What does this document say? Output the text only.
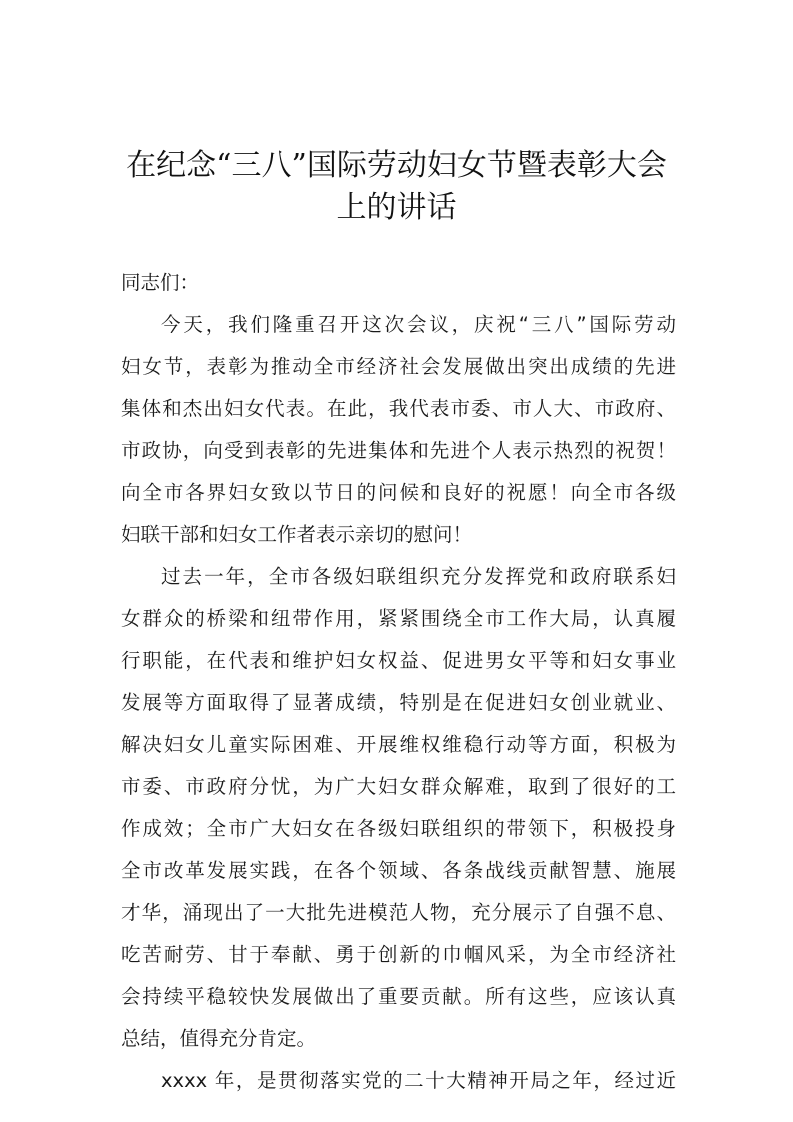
在纪念“三八”国际劳动妇女节暨表彰大会
上的讲话
同志们：
今天，我们隆重召开这次会议，庆祝“三八”国际劳动
妇女节，表彰为推动全市经济社会发展做出突出成绩的先进
集体和杰出妇女代表。在此，我代表市委、市人大、市政府、
市政协，向受到表彰的先进集体和先进个人表示热烈的祝贺！
向全市各界妇女致以节日的问候和良好的祝愿！向全市各级
妇联干部和妇女工作者表示亲切的慰问！
过去一年，全市各级妇联组织充分发挥党和政府联系妇
女群众的桥梁和纽带作用，紧紧围绕全市工作大局，认真履
行职能，在代表和维护妇女权益、促进男女平等和妇女事业
发展等方面取得了显著成绩，特别是在促进妇女创业就业、
解决妇女儿童实际困难、开展维权维稳行动等方面，积极为
市委、市政府分忧，为广大妇女群众解难，取到了很好的工
作成效；全市广大妇女在各级妇联组织的带领下，积极投身
全市改革发展实践，在各个领域、各条战线贡献智慧、施展
才华，涌现出了一大批先进模范人物，充分展示了自强不息、
吃苦耐劳、甘于奉献、勇于创新的巾帼风采，为全市经济社
会持续平稳较快发展做出了重要贡献。所有这些，应该认真
总结，值得充分肯定。
xxxx 年，是贯彻落实党的二十大精神开局之年，经过近
